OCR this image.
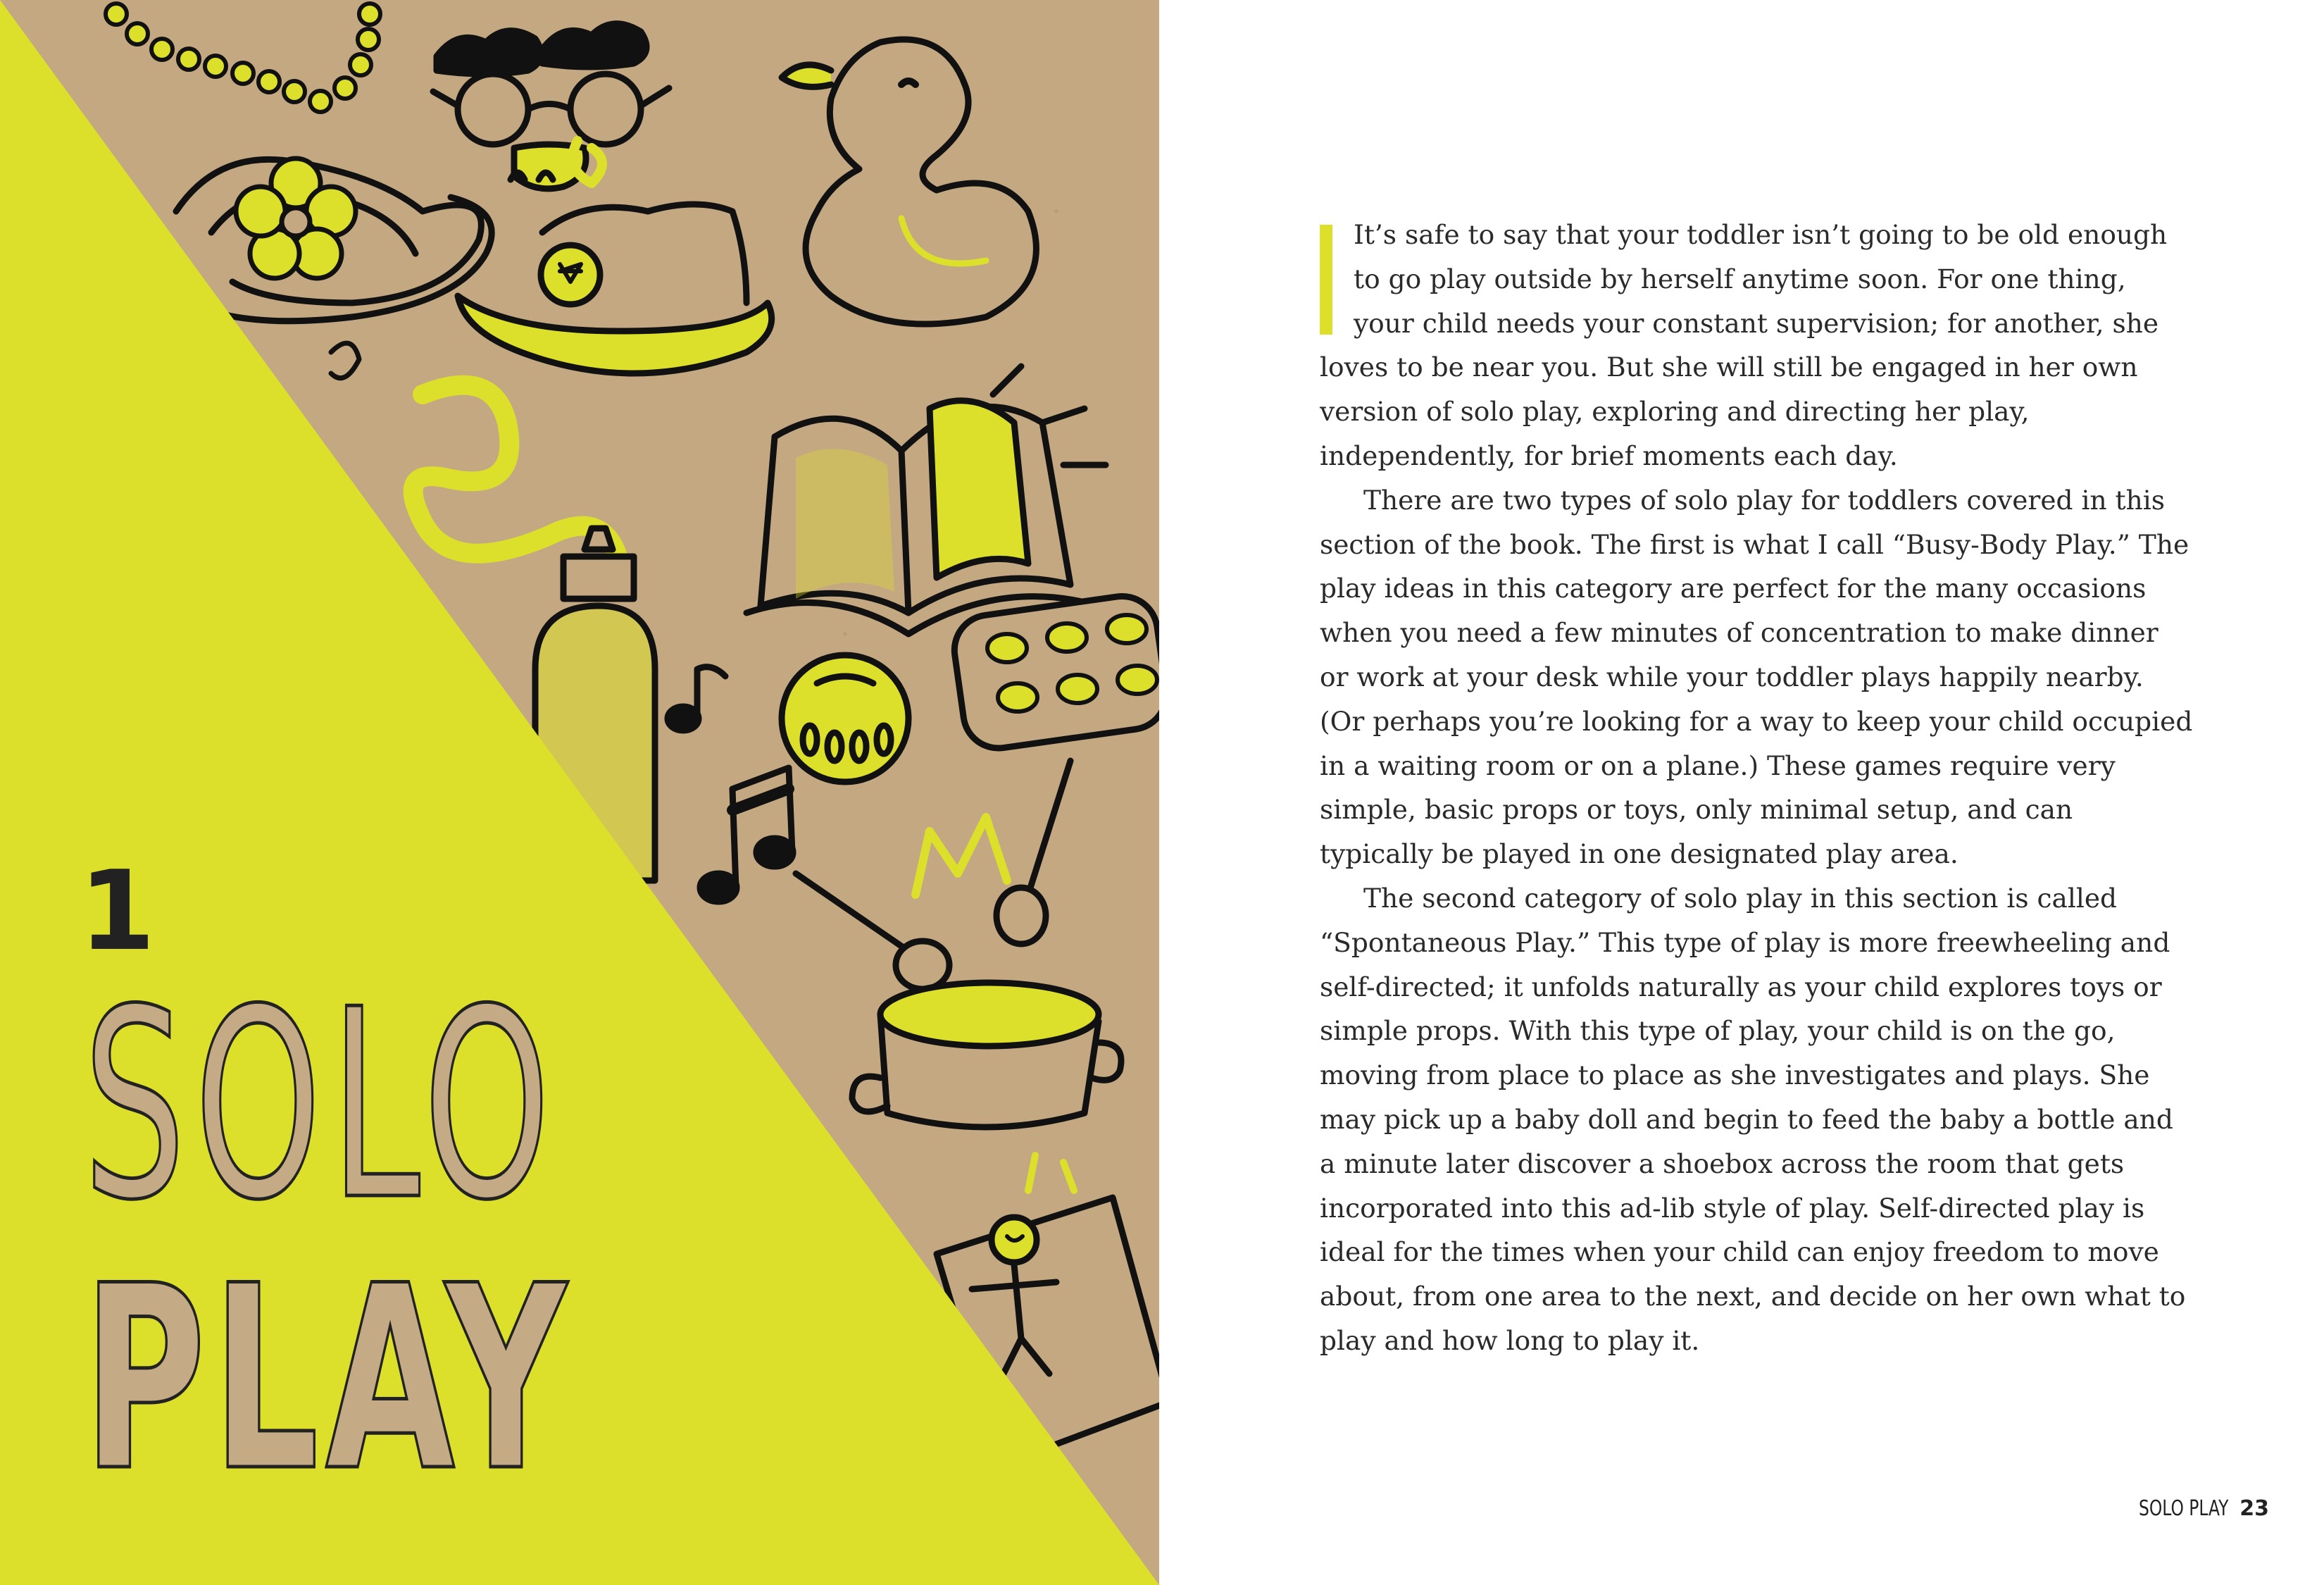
1
SOLO
PLAY

It’s safe to say that your toddler isn’t going to be old enough to go play outside by herself anytime soon. For one thing, your child needs your constant supervision; for another, she loves to be near you. But she will still be engaged in her own version of solo play, exploring and directing her play, independently, for brief moments each day.

There are two types of solo play for toddlers covered in this section of the book. The first is what I call “Busy-Body Play.” The play ideas in this category are perfect for the many occasions when you need a few minutes of concentration to make dinner or work at your desk while your toddler plays happily nearby. (Or perhaps you’re looking for a way to keep your child occupied in a waiting room or on a plane.) These games require very simple, basic props or toys, only minimal setup, and can typically be played in one designated play area.

The second category of solo play in this section is called “Spontaneous Play.” This type of play is more freewheeling and self-directed; it unfolds naturally as your child explores toys or simple props. With this type of play, your child is on the go, moving from place to place as she investigates and plays. She may pick up a baby doll and begin to feed the baby a bottle and a minute later discover a shoebox across the room that gets incorporated into this ad-lib style of play. Self-directed play is ideal for the times when your child can enjoy freedom to move about, from one area to the next, and decide on her own what to play and how long to play it.

SOLO PLAY 23
